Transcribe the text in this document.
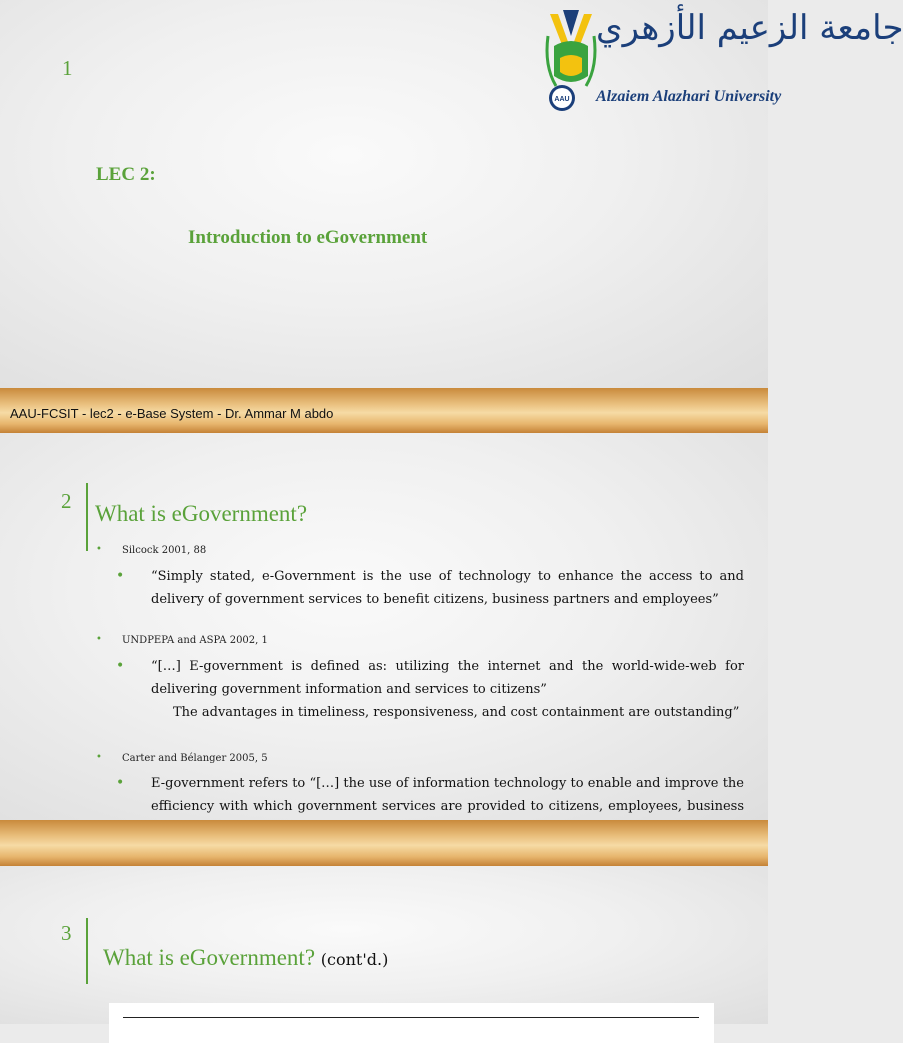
1
AAU
جامعة الزعيم الأزهري
Alzaiem Alazhari University
LEC 2:
Introduction to eGovernment
AAU-FCSIT - lec2 - e-Base System - Dr. Ammar M abdo
2 What is eGovernment?
• Silcock 2001, 88
• “Simply stated, e-Government is the use of technology to enhance the access to and delivery of government services to benefit citizens, business partners and employees”
• UNDPEPA and ASPA 2002, 1
• “[…] E-government is defined as: utilizing the internet and the world-wide-web for delivering government information and services to citizens”
The advantages in timeliness, responsiveness, and cost containment are outstanding”
• Carter and Bélanger 2005, 5
• E-government refers to “[…] the use of information technology to enable and improve the efficiency with which government services are provided to citizens, employees, business
3
What is eGovernment? (cont'd.)
